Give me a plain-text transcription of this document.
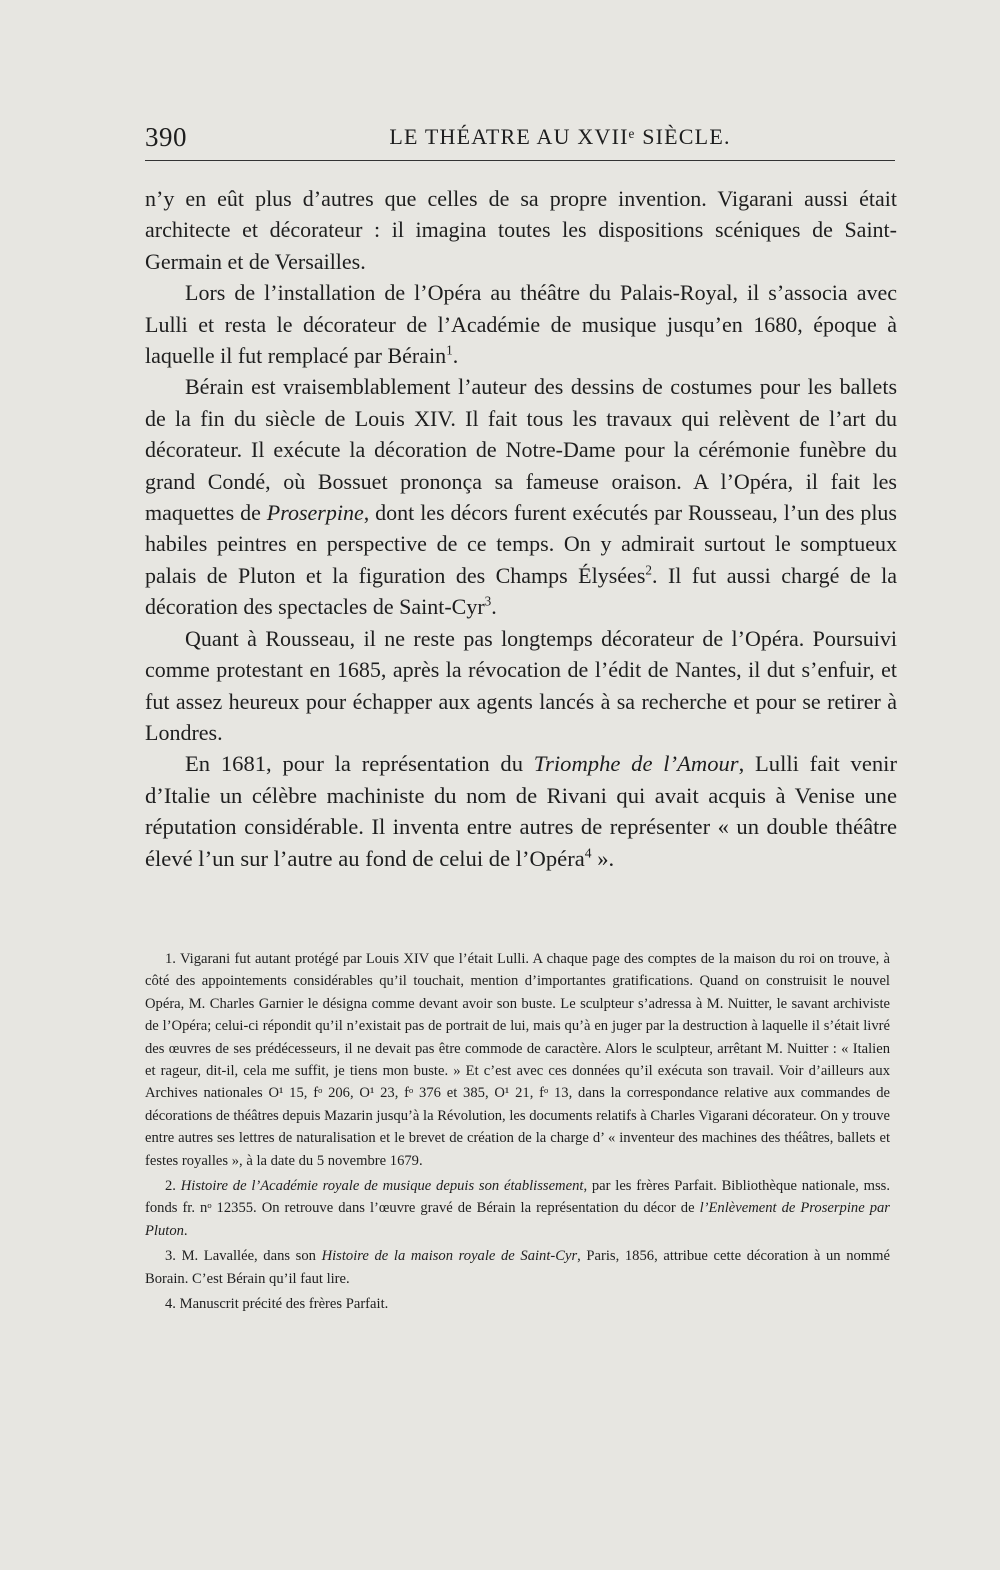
390	LE THÉATRE AU XVIIᵉ SIÈCLE.

n’y en eût plus d’autres que celles de sa propre invention. Vigarani aussi était architecte et décorateur : il imagina toutes les dispositions scéniques de Saint-Germain et de Versailles.

Lors de l’installation de l’Opéra au théâtre du Palais-Royal, il s’associa avec Lulli et resta le décorateur de l’Académie de musique jusqu’en 1680, époque à laquelle il fut remplacé par Bérain$^1$.

Bérain est vraisemblablement l’auteur des dessins de costumes pour les ballets de la fin du siècle de Louis XIV. Il fait tous les travaux qui relèvent de l’art du décorateur. Il exécute la décoration de Notre-Dame pour la cérémonie funèbre du grand Condé, où Bossuet prononça sa fameuse oraison. A l’Opéra, il fait les maquettes de Proserpine, dont les décors furent exécutés par Rousseau, l’un des plus habiles peintres en perspective de ce temps. On y admirait surtout le somptueux palais de Pluton et la figuration des Champs Élysées$^2$. Il fut aussi chargé de la décoration des spectacles de Saint-Cyr$^3$.

Quant à Rousseau, il ne reste pas longtemps décorateur de l’Opéra. Poursuivi comme protestant en 1685, après la révocation de l’édit de Nantes, il dut s’enfuir, et fut assez heureux pour échapper aux agents lancés à sa recherche et pour se retirer à Londres.

En 1681, pour la représentation du Triomphe de l’Amour, Lulli fait venir d’Italie un célèbre machiniste du nom de Rivani qui avait acquis à Venise une réputation considérable. Il inventa entre autres de représenter « un double théâtre élevé l’un sur l’autre au fond de celui de l’Opéra$^4$ ».

1. Vigarani fut autant protégé par Louis XIV que l’était Lulli. A chaque page des comptes de la maison du roi on trouve, à côté des appointements considérables qu’il touchait, mention d’importantes gratifications. Quand on construisit le nouvel Opéra, M. Charles Garnier le désigna comme devant avoir son buste. Le sculpteur s’adressa à M. Nuitter, le savant archiviste de l’Opéra; celui-ci répondit qu’il n’existait pas de portrait de lui, mais qu’à en juger par la destruction à laquelle il s’était livré des œuvres de ses prédécesseurs, il ne devait pas être commode de caractère. Alors le sculpteur, arrêtant M. Nuitter : « Italien et rageur, dit-il, cela me suffit, je tiens mon buste. » Et c’est avec ces données qu’il exécuta son travail. Voir d’ailleurs aux Archives nationales O¹ 15, fᵒ 206, O¹ 23, fᵒ 376 et 385, O¹ 21, fᵒ 13, dans la correspondance relative aux commandes de décorations de théâtres depuis Mazarin jusqu’à la Révolution, les documents relatifs à Charles Vigarani décorateur. On y trouve entre autres ses lettres de naturalisation et le brevet de création de la charge d’ « inventeur des machines des théâtres, ballets et festes royalles », à la date du 5 novembre 1679.

2. Histoire de l’Académie royale de musique depuis son établissement, par les frères Parfait. Bibliothèque nationale, mss. fonds fr. nᵒ 12355. On retrouve dans l’œuvre gravé de Bérain la représentation du décor de l’Enlèvement de Proserpine par Pluton.

3. M. Lavallée, dans son Histoire de la maison royale de Saint-Cyr, Paris, 1856, attribue cette décoration à un nommé Borain. C’est Bérain qu’il faut lire.

4. Manuscrit précité des frères Parfait.
